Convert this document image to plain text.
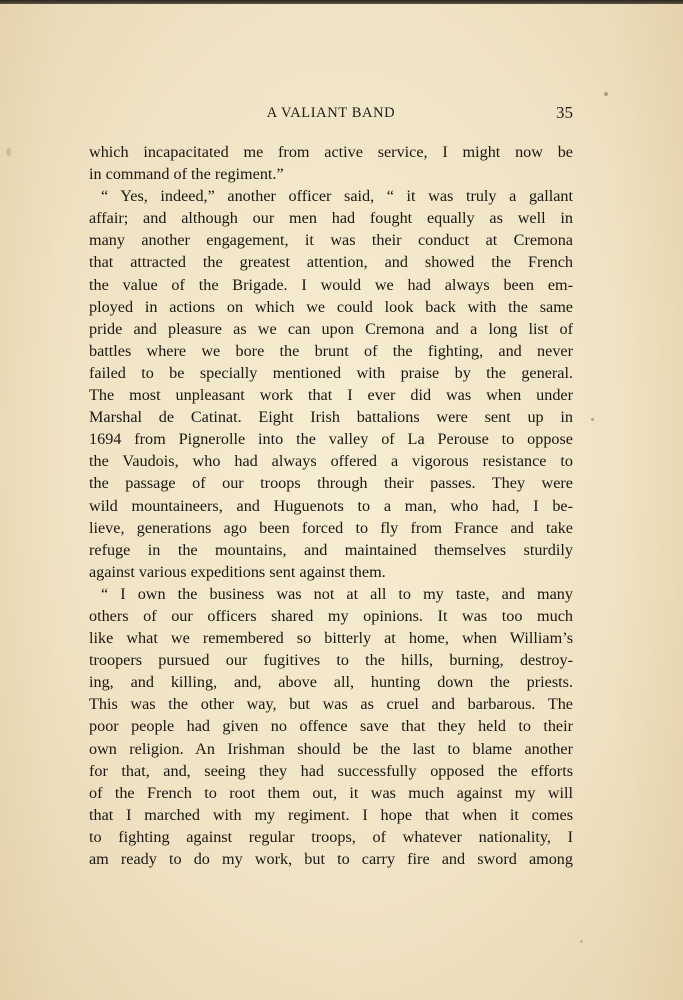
A VALIANT BAND	35
which incapacitated me from active service, I might now be
in command of the regiment.”
“ Yes, indeed,” another officer said, “ it was truly a gallant
affair; and although our men had fought equally as well in
many another engagement, it was their conduct at Cremona
that attracted the greatest attention, and showed the French
the value of the Brigade. I would we had always been em-
ployed in actions on which we could look back with the same
pride and pleasure as we can upon Cremona and a long list of
battles where we bore the brunt of the fighting, and never
failed to be specially mentioned with praise by the general.
The most unpleasant work that I ever did was when under
Marshal de Catinat. Eight Irish battalions were sent up in
1694 from Pignerolle into the valley of La Perouse to oppose
the Vaudois, who had always offered a vigorous resistance to
the passage of our troops through their passes. They were
wild mountaineers, and Huguenots to a man, who had, I be-
lieve, generations ago been forced to fly from France and take
refuge in the mountains, and maintained themselves sturdily
against various expeditions sent against them.
“ I own the business was not at all to my taste, and many
others of our officers shared my opinions. It was too much
like what we remembered so bitterly at home, when William’s
troopers pursued our fugitives to the hills, burning, destroy-
ing, and killing, and, above all, hunting down the priests.
This was the other way, but was as cruel and barbarous. The
poor people had given no offence save that they held to their
own religion. An Irishman should be the last to blame another
for that, and, seeing they had successfully opposed the efforts
of the French to root them out, it was much against my will
that I marched with my regiment. I hope that when it comes
to fighting against regular troops, of whatever nationality, I
am ready to do my work, but to carry fire and sword among
